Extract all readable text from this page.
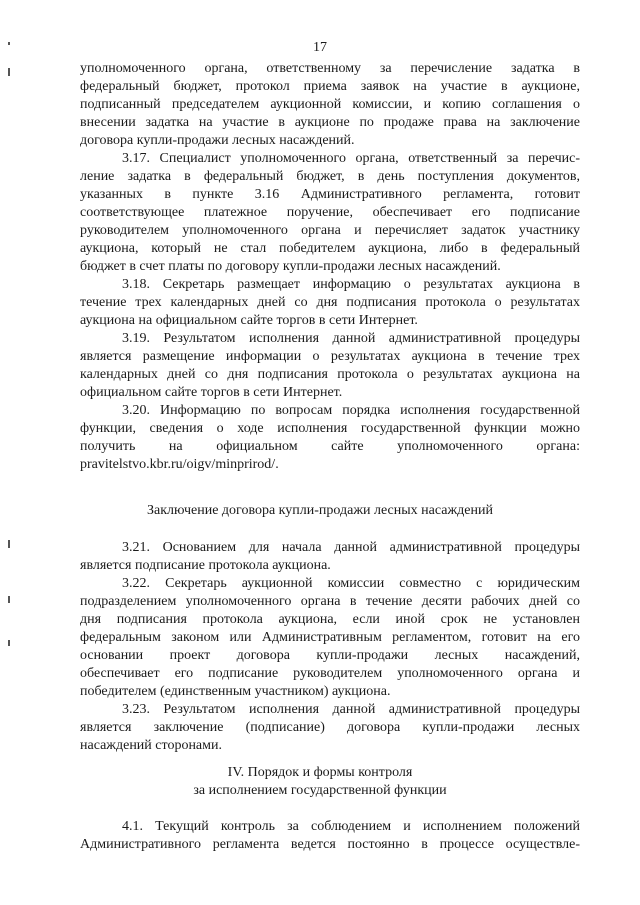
17
уполномоченного органа, ответственному за перечисление задатка в
федеральный бюджет, протокол приема заявок на участие в аукционе,
подписанный председателем аукционной комиссии, и копию соглашения о
внесении задатка на участие в аукционе по продаже права на заключение
договора купли-продажи лесных насаждений.
3.17. Специалист уполномоченного органа, ответственный за перечис-
ление задатка в федеральный бюджет, в день поступления документов,
указанных в пункте 3.16 Административного регламента, готовит
соответствующее платежное поручение, обеспечивает его подписание
руководителем уполномоченного органа и перечисляет задаток участнику
аукциона, который не стал победителем аукциона, либо в федеральный
бюджет в счет платы по договору купли-продажи лесных насаждений.
3.18. Секретарь размещает информацию о результатах аукциона в
течение трех календарных дней со дня подписания протокола о результатах
аукциона на официальном сайте торгов в сети Интернет.
3.19. Результатом исполнения данной административной процедуры
является размещение информации о результатах аукциона в течение трех
календарных дней со дня подписания протокола о результатах аукциона на
официальном сайте торгов в сети Интернет.
3.20. Информацию по вопросам порядка исполнения государственной
функции, сведения о ходе исполнения государственной функции можно
получить на официальном сайте уполномоченного органа:
pravitelstvo.kbr.ru/oigv/minprirod/.
Заключение договора купли-продажи лесных насаждений
3.21. Основанием для начала данной административной процедуры
является подписание протокола аукциона.
3.22. Секретарь аукционной комиссии совместно с юридическим
подразделением уполномоченного органа в течение десяти рабочих дней со
дня подписания протокола аукциона, если иной срок не установлен
федеральным законом или Административным регламентом, готовит на его
основании проект договора купли-продажи лесных насаждений,
обеспечивает его подписание руководителем уполномоченного органа и
победителем (единственным участником) аукциона.
3.23. Результатом исполнения данной административной процедуры
является заключение (подписание) договора купли-продажи лесных
насаждений сторонами.
IV. Порядок и формы контроля
за исполнением государственной функции
4.1. Текущий контроль за соблюдением и исполнением положений
Административного регламента ведется постоянно в процессе осуществле-
